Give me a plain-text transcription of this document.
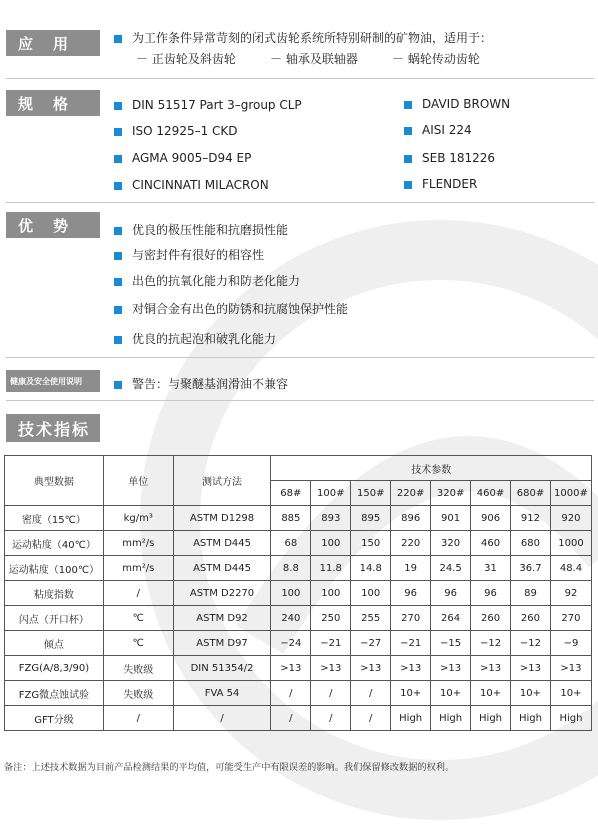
应用	为工作条件异常苛刻的闭式齿轮系统所特别研制的矿物油，适用于：
－ 正齿轮及斜齿轮	－ 轴承及联轴器	－ 蜗轮传动齿轮
规格	DIN 51517 Part 3–group CLP
ISO 12925–1 CKD
AGMA 9005–D94 EP
CINCINNATI MILACRON
DAVID BROWN
AISI 224
SEB 181226
FLENDER
优势	优良的极压性能和抗磨损性能
与密封件有很好的相容性
出色的抗氧化能力和防老化能力
对铜合金有出色的防锈和抗腐蚀保护性能
优良的抗起泡和破乳化能力
健康及安全使用说明	警告：与聚醚基润滑油不兼容
技术指标
典型数据	单位	测试方法	技术参数							
			68#	100#	150#	220#	320#	460#	680#	1000#
密度（15℃）	kg/m³	ASTM D1298	885	893	895	896	901	906	912	920
运动粘度（40℃）	mm²/s	ASTM D445	68	100	150	220	320	460	680	1000
运动粘度（100℃）	mm²/s	ASTM D445	8.8	11.8	14.8	19	24.5	31	36.7	48.4
粘度指数	/	ASTM D2270	100	100	100	96	96	96	89	92
闪点（开口杯）	℃	ASTM D92	240	250	255	270	264	260	260	270
倾点	℃	ASTM D97	−24	−21	−27	−21	−15	−12	−12	−9
FZG(A/8,3/90)	失败级	DIN 51354/2	>13	>13	>13	>13	>13	>13	>13	>13
FZG微点蚀试验	失败级	FVA 54	/	/	/	10+	10+	10+	10+	10+
GFT分级	/	/	/	/	/	High	High	High	High	High
备注：上述技术数据为目前产品检测结果的平均值，可能受生产中有限误差的影响。我们保留修改数据的权利。
